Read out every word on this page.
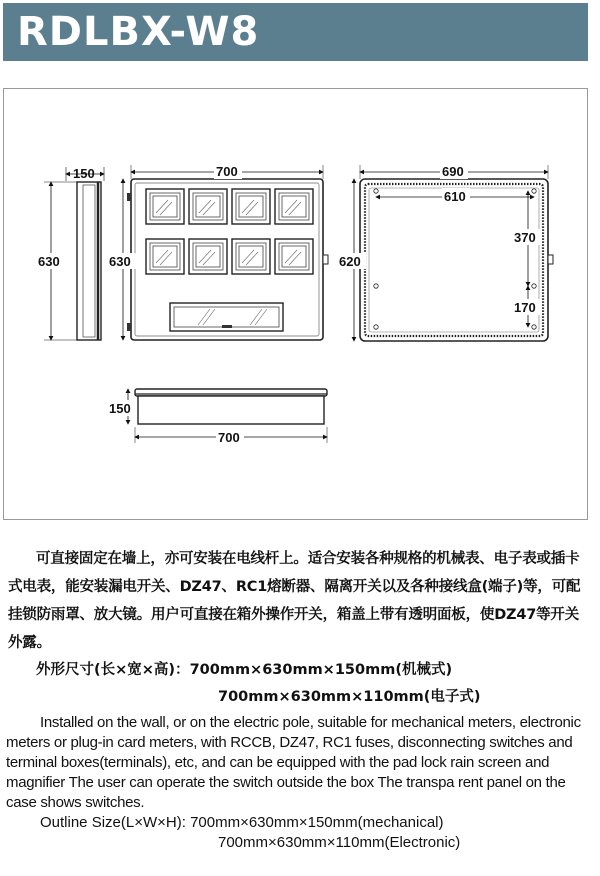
RDLBX-W8
150
630
700
630
690
610
620
370
170
150
700

可直接固定在墙上，亦可安装在电线杆上。适合安装各种规格的机械表、电子表或插卡式电表，能安装漏电开关、DZ47、RC1熔断器、隔离开关以及各种接线盒(端子)等，可配挂锁防雨罩、放大镜。用户可直接在箱外操作开关，箱盖上带有透明面板，使DZ47等开关外露。

外形尺寸(长×宽×高)：700mm×630mm×150mm(机械式)
700mm×630mm×110mm(电子式)

Installed on the wall, or on the electric pole, suitable for mechanical meters, electronic meters or plug-in card meters, with RCCB, DZ47, RC1 fuses, disconnecting switches and terminal boxes(terminals), etc, and can be equipped with the pad lock rain screen and magnifier The user can operate the switch outside the box The transpa rent panel on the case shows switches.

Outline Size(L×W×H): 700mm×630mm×150mm(mechanical)
700mm×630mm×110mm(Electronic)
